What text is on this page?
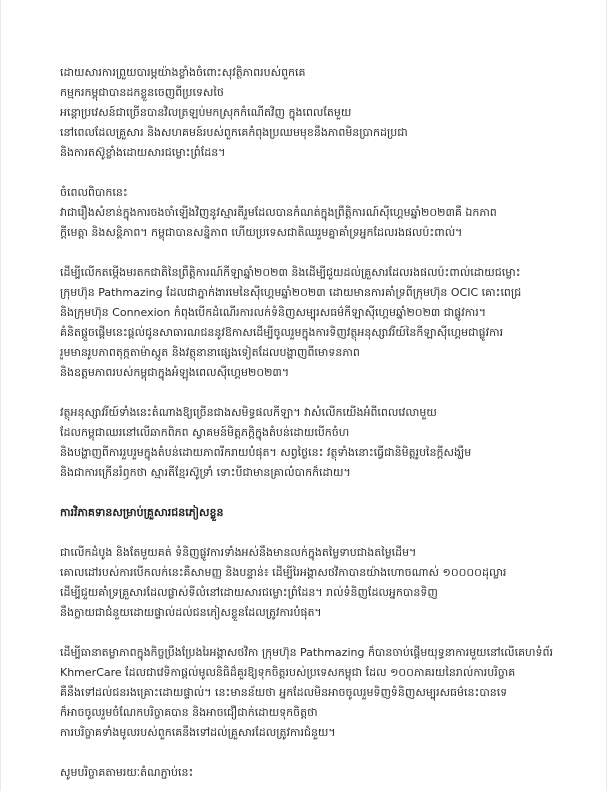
ដោយសារការព្រួយបារម្ភយ៉ាងខ្លាំងចំពោះសុវត្ថិភាពរបស់ពួកគេ
កម្មករកម្ពុជាបានដកខ្លួនចេញពីប្រទេសថៃ
អន្តោប្រវេសន៍ជាច្រើនបានវិលត្រឡប់មកស្រុកកំណើតវិញ ក្នុងពេលតែមួយ
នៅពេលដែលគ្រួសារ និងសហគមន៍របស់ពួកគេកំពុងប្រឈមមុខនឹងភាពមិនប្រាកដប្រជា
និងការតស៊ូខ្លាំងដោយសារជម្លោះព្រំដែន។
ចំពេលពិបាកនេះ
វាជារឿងសំខាន់ក្នុងការចងចាំឡើងវិញនូវស្មារតីរួមដែលបានកំណត់ក្នុងព្រឹត្តិការណ៍ស៊ីហ្គេមឆ្នាំ២០២៣គឺ ឯកភាព
ក្ដីមេត្តា និងសន្តិភាព។ កម្ពុជាបានសន្និភាព ហើយប្រទេសជាតិឈរួមគ្នាគាំទ្រអ្នកដែលរងផលប៉ះពាល់។
ដើម្បីលើកតម្កើងមរតកជាតិនៃព្រឹត្តិការណ៍កីឡាឆ្នាំ២០២៣ និងដើម្បីជួយដល់គ្រួសារដែលរងផលប៉ះពាល់ដោយជម្លោះ
ក្រុមហ៊ុន Pathmazing ដែលជាភ្នាក់ងារមេនៃស៊ីហ្គេមឆ្នាំ២០២៣ ដោយមានការគាំទ្រពីក្រុមហ៊ុន OCIC គោះពេជ្រ
និងក្រុមហ៊ុន Connexion កំពុងបើកដំណើរការលក់ទំនិញសម្បុរសធម៌កីឡាស៊ីហ្គេមឆ្នាំ២០២៣ ជាផ្លូវការ។
គំនិតផ្ដួចផ្ដើមនេះផ្ដល់ជូនសាធារណជននូវឱកាសដើម្បីចូលរួមក្នុងការទិញវត្ថុអនុស្សាវរីយ៍នៃកីឡាស៊ីហ្គេមជាផ្លូវការ
រួមមានរូបភាពតុក្កតាម៉ាស្កូត និងវត្ថុនានាផ្សេងទៀតដែលបង្ហាញពីមោទនភាព
និងឧត្ដមភាពរបស់កម្ពុជាក្នុងអំឡុងពេលស៊ីហ្គេម២០២៣។
វត្ថុអនុស្សាវរីយ៍ទាំងនេះតំណាងឱ្យច្រើនជាងសមិទ្ធផលកីឡា។ វាសំលេីកយើងអំពីពេលវេលាមួយ
ដែលកម្ពុជាឈរនៅលើឆាកពិភព ស្វាគមន៍មិត្តភក្ដិក្នុងតំបន់ដោយបើកចំហ
និងបង្ហាញពីការរួបរួមក្នុងតំបន់ដោយភាពរីករាយបំផុត។ សព្វថ្ងៃនេះ វត្ថុទាំងនោះធ្វើជានិមិត្តរូបនៃក្ដីសង្ឃឹម
និងជាការក្រើនរំឭកថា ស្មារតីខ្មែរស៊ូទ្រាំ ទោះបីជាមានគ្រាលំបាកក៏ដោយ។
ការវិភាគទានសម្រាប់គ្រួសារជនភៀសខ្លួន
ជាលើកដំបូង និងតែមួយគត់ ទំនិញផ្លូវការទាំងអស់នឹងមានលក់ក្នុងតម្លៃទាបជាងតម្លៃដើម។
គោលដៅរបស់ការបើកលក់នេះគឺសាមញ្ញ និងបន្ទាន់៖ ដើម្បីរៃអង្គាសថវិកាបានយ៉ាងហោចណាស់ ១០០០០ដុល្លារ
ដើម្បីជួយគាំទ្រគ្រួសារដែលផ្លាស់ទីលំនៅដោយសារជម្លោះព្រំដែន។ រាល់ទំនិញដែលអ្នកបានទិញ
នឹងក្លាយជាជំនួយដោយផ្ទាល់ដល់ជនភៀសខ្លួនដែលត្រូវការបំផុត។
ដើម្បីធានាតម្លាភាពក្នុងកិច្ចប្រឹងប្រែងរៃអង្គាសថវិកា ក្រុមហ៊ុន Pathmazing ក៏បានចាប់ផ្ដើមយុទ្ធនាការមួយនៅលើគេហទំព័រ
KhmerCare ដែលជាវេទិកាផ្ដល់មូលនិធិដ៏គួរឱ្យទុកចិត្តរបស់ប្រទេសកម្ពុជា ដែល ១០០ភាគរយនៃរាល់ការបរិច្ចាគ
គឺនឹងទៅដល់ជនរងគ្រោះដោយផ្ទាល់។ នេះមានន័យថា អ្នកដែលមិនអាចចូលរួមទិញទំនិញសម្បុរសធម៌នេះបានទេ
ក៏អាចចូលរួមចំណែកបរិច្ចាគបាន និងអាចជឿជាក់ដោយទុកចិត្តថា
ការបរិច្ចាគទាំងមូលរបស់ពួកគេនឹងទៅដល់គ្រួសារដែលត្រូវការជំនួយ។
សូមបរិច្ចាគតាមរយៈតំណភ្ជាប់នេះ
